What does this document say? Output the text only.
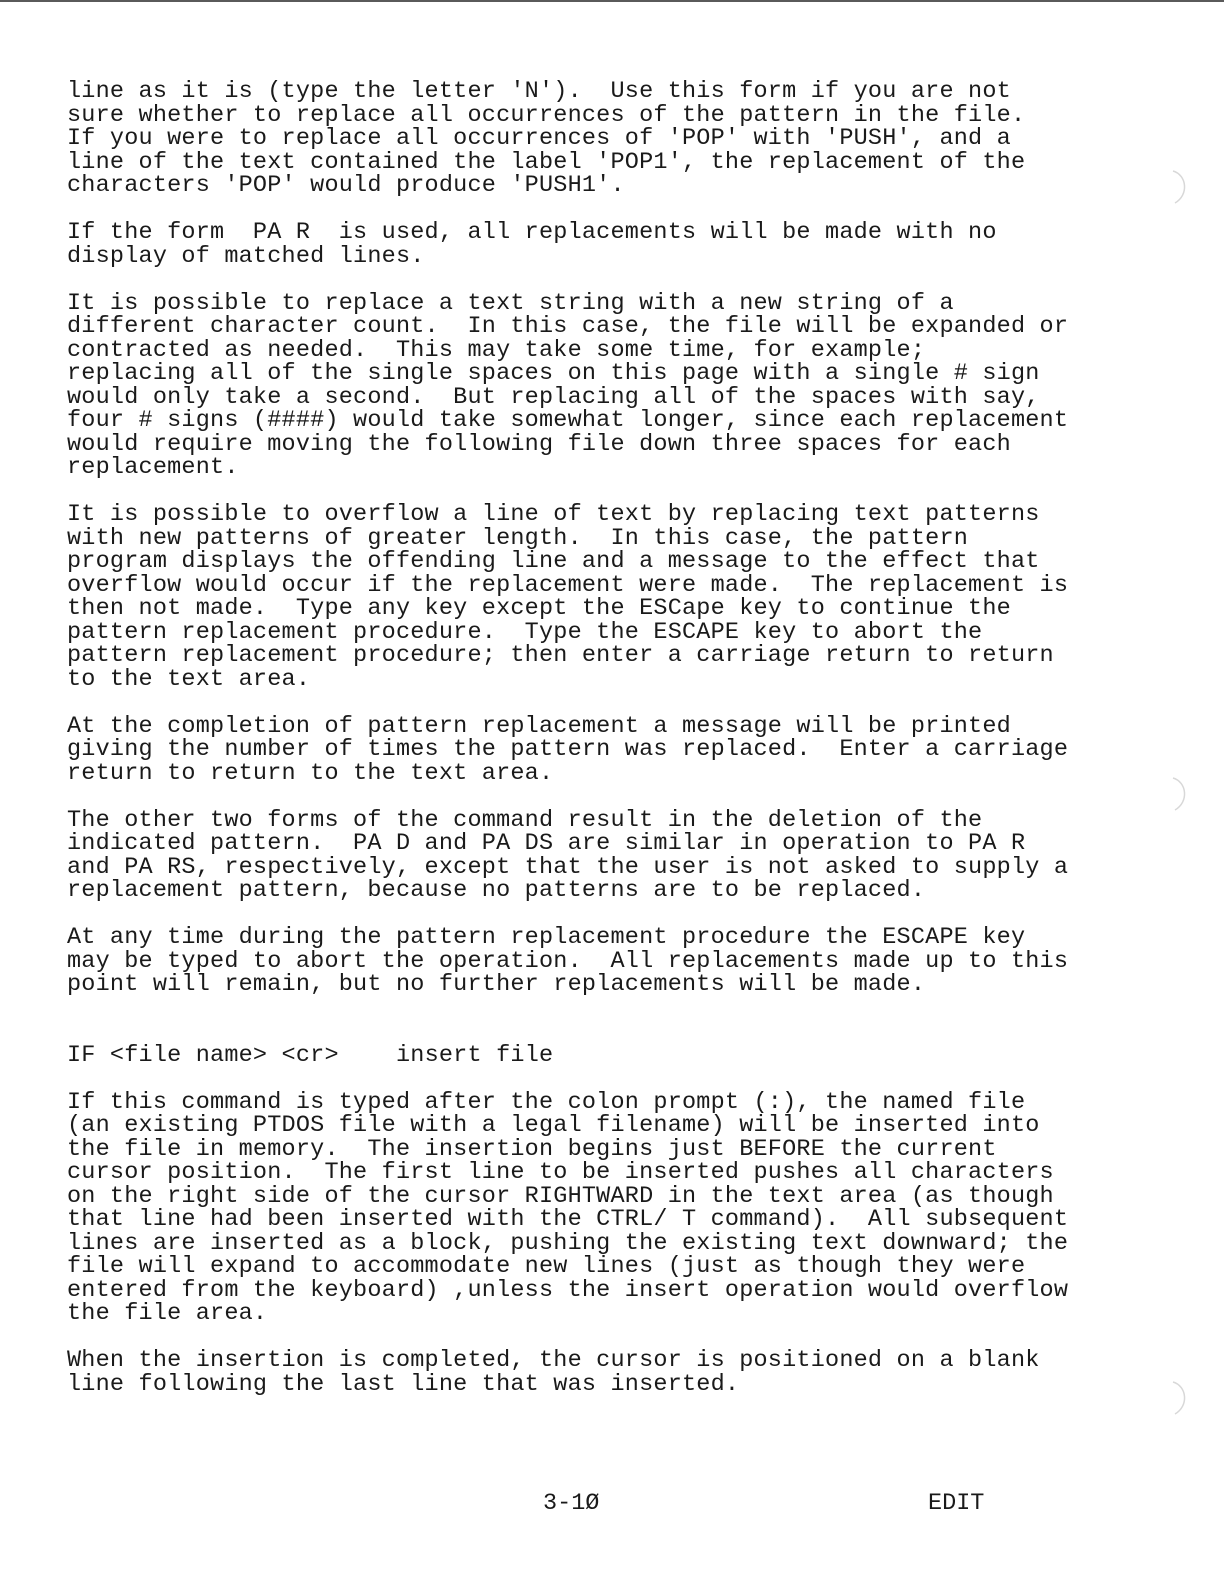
line as it is (type the letter 'N').  Use this form if you are not
sure whether to replace all occurrences of the pattern in the file.
If you were to replace all occurrences of 'POP' with 'PUSH', and a
line of the text contained the label 'POP1', the replacement of the
characters 'POP' would produce 'PUSH1'.
If the form  PA R  is used, all replacements will be made with no
display of matched lines.
It is possible to replace a text string with a new string of a
different character count.  In this case, the file will be expanded or
contracted as needed.  This may take some time, for example;
replacing all of the single spaces on this page with a single # sign
would only take a second.  But replacing all of the spaces with say,
four # signs (####) would take somewhat longer, since each replacement
would require moving the following file down three spaces for each
replacement.
It is possible to overflow a line of text by replacing text patterns
with new patterns of greater length.  In this case, the pattern
program displays the offending line and a message to the effect that
overflow would occur if the replacement were made.  The replacement is
then not made.  Type any key except the ESCape key to continue the
pattern replacement procedure.  Type the ESCAPE key to abort the
pattern replacement procedure; then enter a carriage return to return
to the text area.
At the completion of pattern replacement a message will be printed
giving the number of times the pattern was replaced.  Enter a carriage
return to return to the text area.
The other two forms of the command result in the deletion of the
indicated pattern.  PA D and PA DS are similar in operation to PA R
and PA RS, respectively, except that the user is not asked to supply a
replacement pattern, because no patterns are to be replaced.
At any time during the pattern replacement procedure the ESCAPE key
may be typed to abort the operation.  All replacements made up to this
point will remain, but no further replacements will be made.
IF <file name> <cr> insert file
If this command is typed after the colon prompt (:), the named file
(an existing PTDOS file with a legal filename) will be inserted into
the file in memory.  The insertion begins just BEFORE the current
cursor position.  The first line to be inserted pushes all characters
on the right side of the cursor RIGHTWARD in the text area (as though
that line had been inserted with the CTRL/ T command).  All subsequent
lines are inserted as a block, pushing the existing text downward; the
file will expand to accommodate new lines (just as though they were
entered from the keyboard) ,unless the insert operation would overflow
the file area.
When the insertion is completed, the cursor is positioned on a blank
line following the last line that was inserted.
3-1Ø	EDIT
